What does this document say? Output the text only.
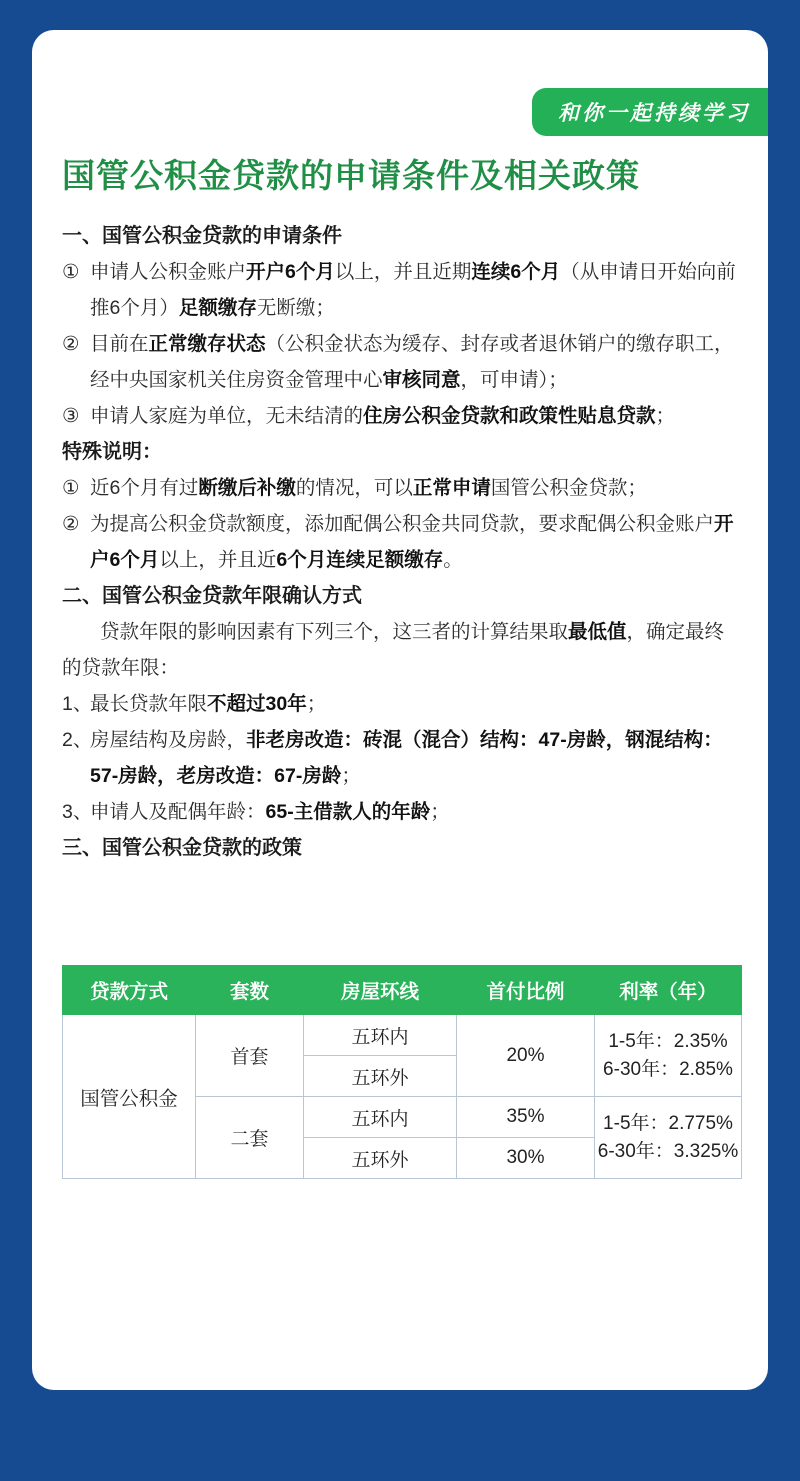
和你一起持续学习
国管公积金贷款的申请条件及相关政策
一、国管公积金贷款的申请条件
① 申请人公积金账户开户6个月以上，并且近期连续6个月（从申请日开始向前推6个月）足额缴存无断缴；
② 目前在正常缴存状态（公积金状态为缓存、封存或者退休销户的缴存职工，经中央国家机关住房资金管理中心审核同意，可申请）；
③ 申请人家庭为单位，无未结清的住房公积金贷款和政策性贴息贷款；
特殊说明：
① 近6个月有过断缴后补缴的情况，可以正常申请国管公积金贷款；
② 为提高公积金贷款额度，添加配偶公积金共同贷款，要求配偶公积金账户开户6个月以上，并且近6个月连续足额缴存。
二、国管公积金贷款年限确认方式
贷款年限的影响因素有下列三个，这三者的计算结果取最低值，确定最终的贷款年限：
1、
最长贷款年限不超过30年；
2、
房屋结构及房龄，非老房改造：砖混（混合）结构：47-房龄，钢混结构：57-房龄，老房改造：67-房龄；
3、
申请人及配偶年龄：65-主借款人的年龄；
三、国管公积金贷款的政策
贷款方式	套数	房屋环线	首付比例	利率（年）
国管公积金	首套	五环内	20%	1-5年：2.35%
6-30年：2.85%

		五环外		
	二套	五环内	35%	1-5年：2.775%
6-30年：3.325%

		五环外	30%	
